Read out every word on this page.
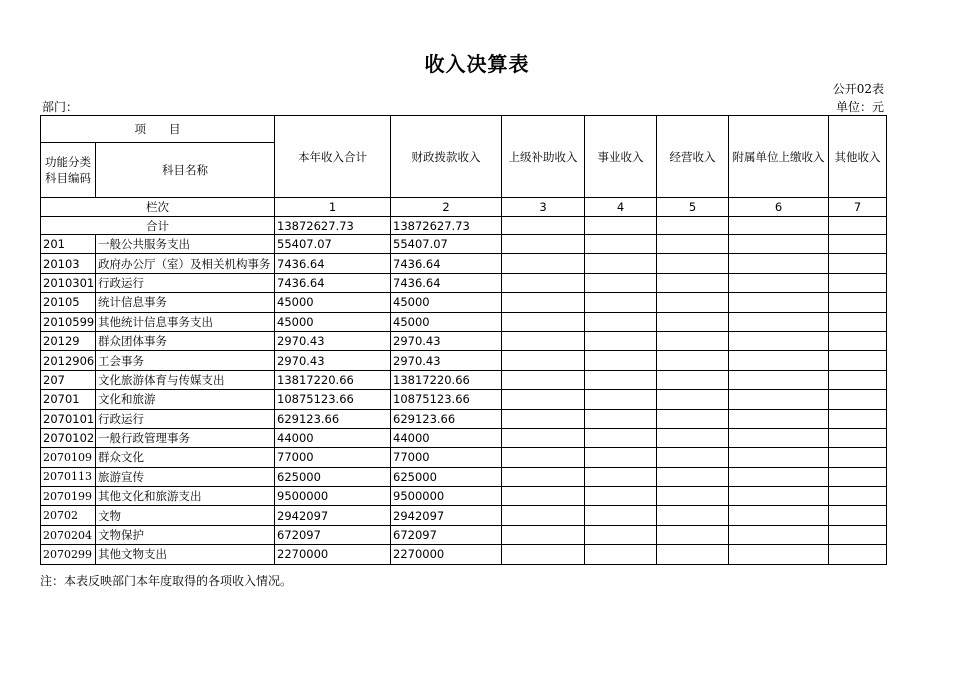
收入决算表
公开02表
部门：	单位：元
项　　目		本年收入合计	财政拨款收入	上级补助收入	事业收入	经营收入	附属单位上缴收入	其他收入
功能分类科目编码	科目名称							
栏次		1	2	3	4	5	6	7
合计		13872627.73	13872627.73					
201	一般公共服务支出	55407.07	55407.07					
20103	政府办公厅（室）及相关机构事务	7436.64	7436.64					
2010301	行政运行	7436.64	7436.64					
20105	统计信息事务	45000	45000					
2010599	其他统计信息事务支出	45000	45000					
20129	群众团体事务	2970.43	2970.43					
2012906	工会事务	2970.43	2970.43					
207	文化旅游体育与传媒支出	13817220.66	13817220.66					
20701	文化和旅游	10875123.66	10875123.66					
2070101	行政运行	629123.66	629123.66					
2070102	一般行政管理事务	44000	44000					
2070109	群众文化	77000	77000					
2070113	旅游宣传	625000	625000					
2070199	其他文化和旅游支出	9500000	9500000					
20702	文物	2942097	2942097					
2070204	文物保护	672097	672097					
2070299	其他文物支出	2270000	2270000					
注：本表反映部门本年度取得的各项收入情况。
